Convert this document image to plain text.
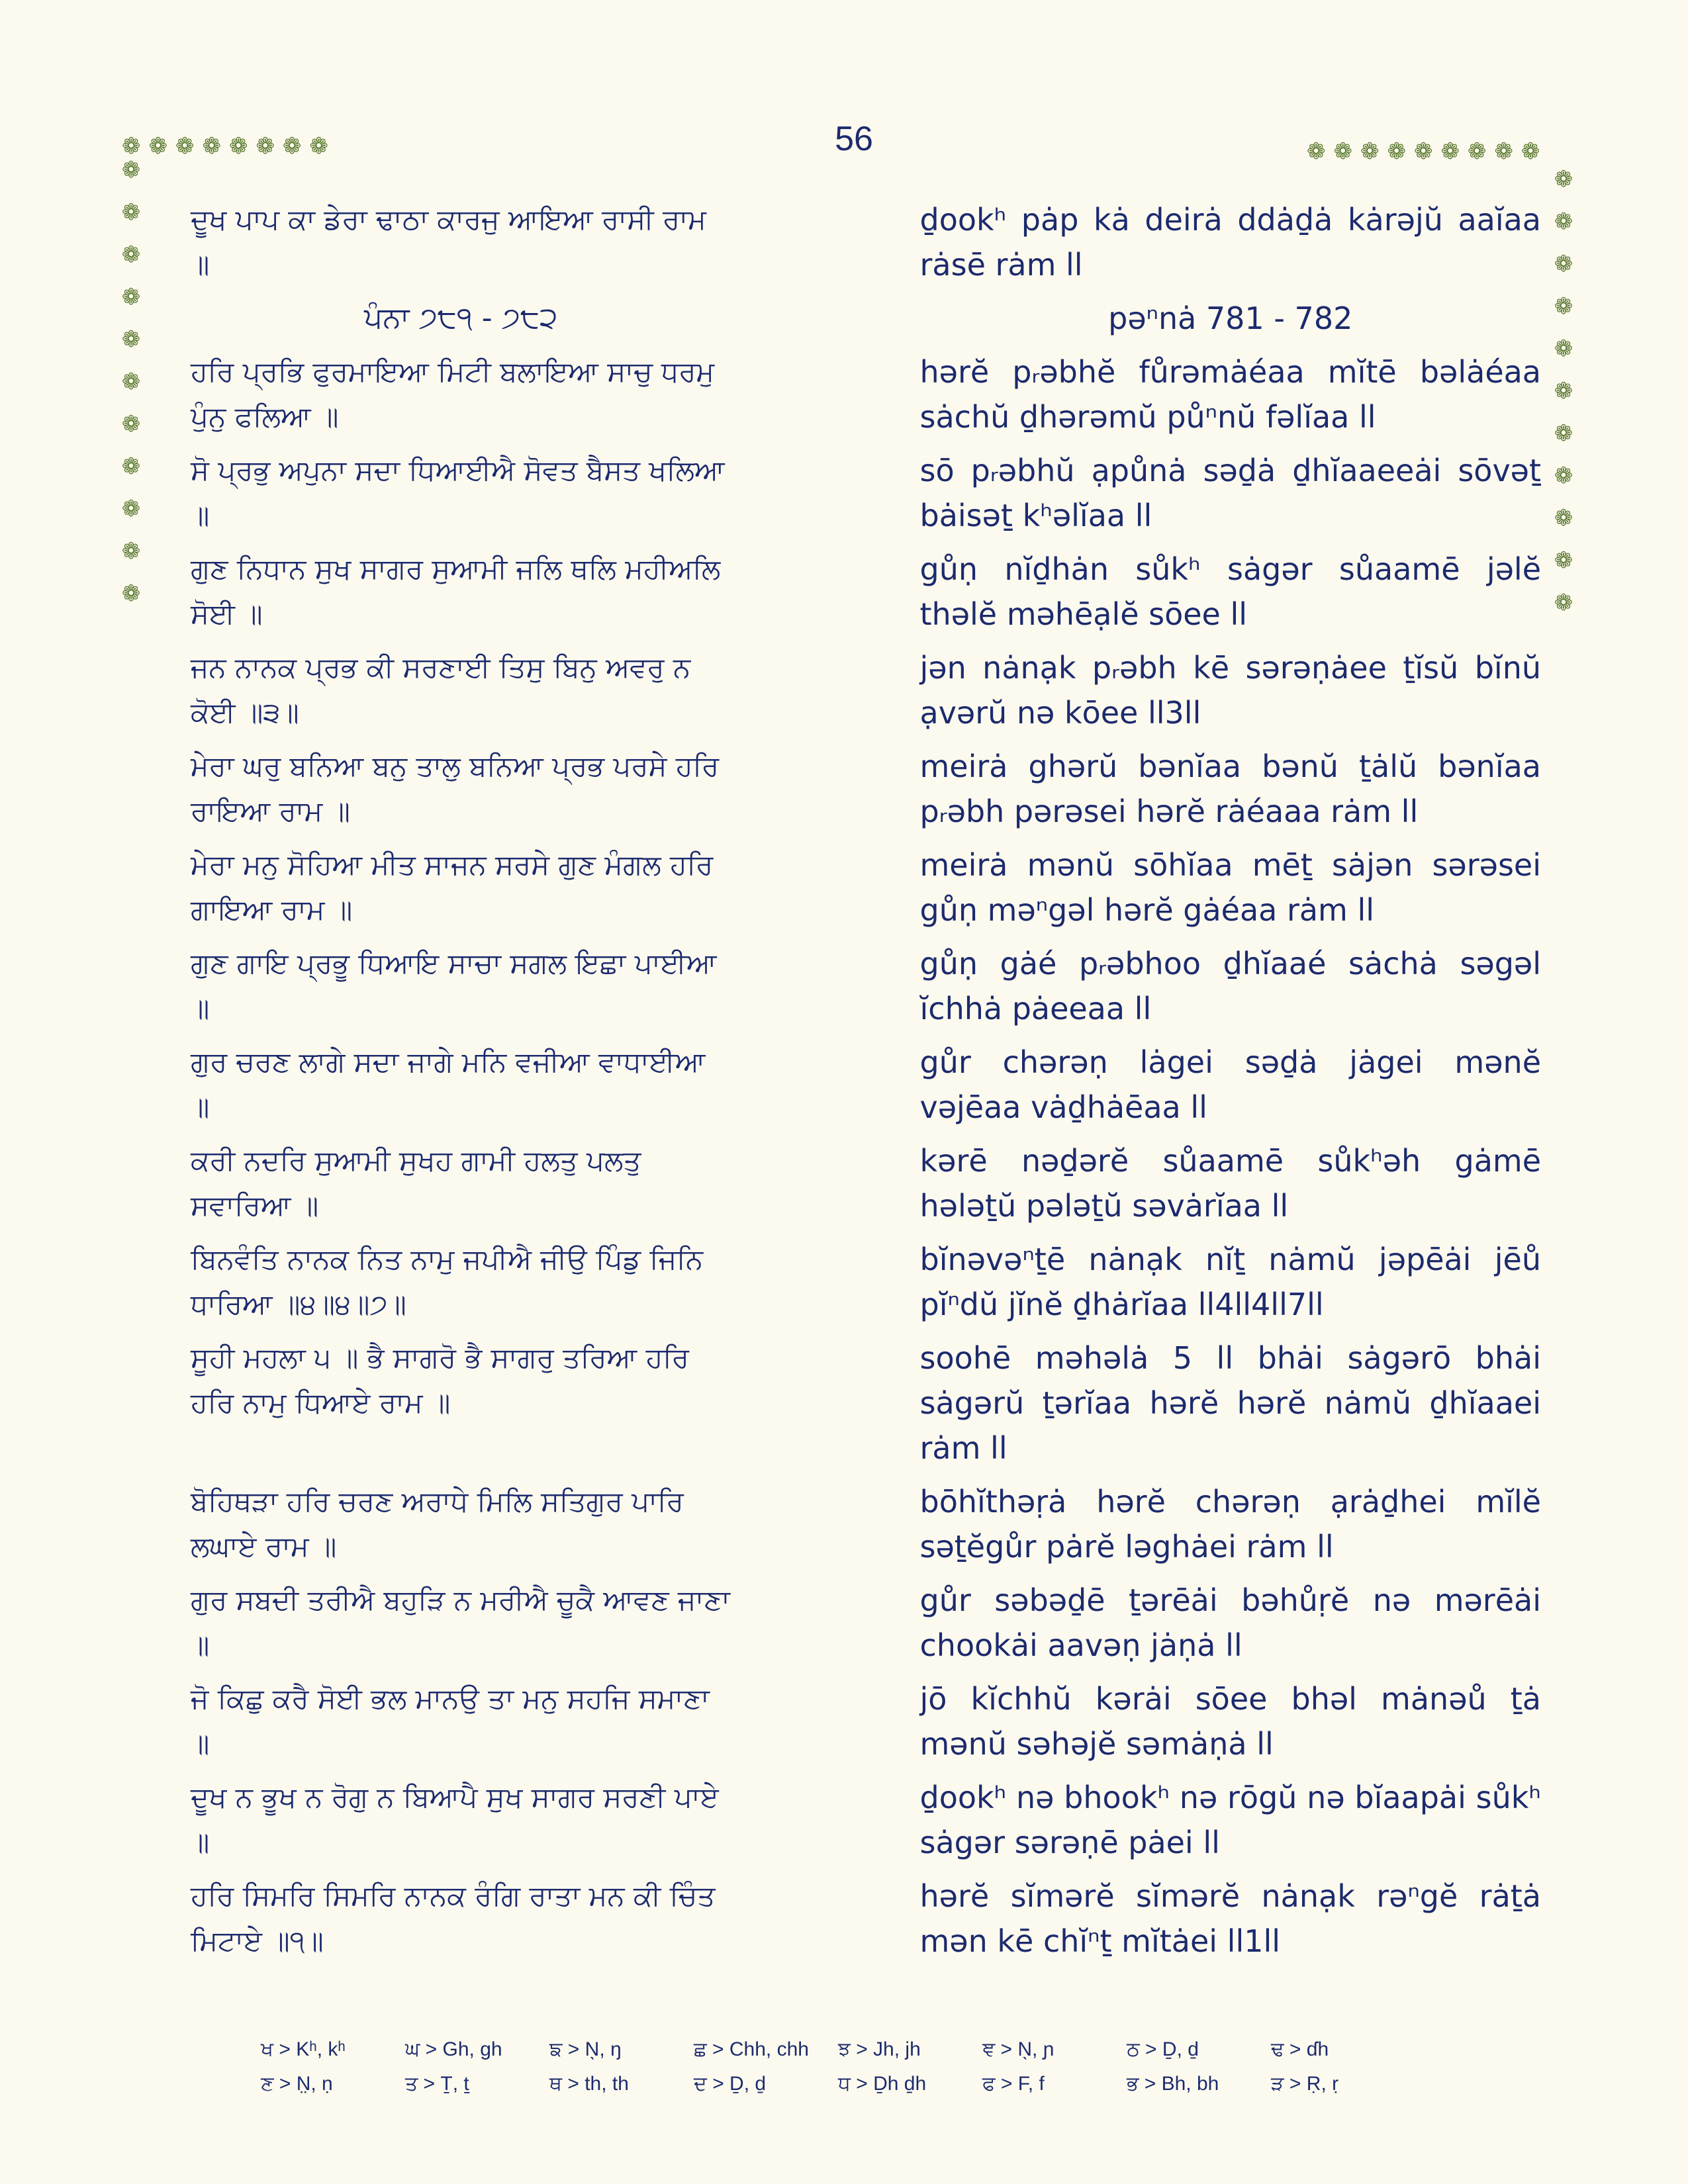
56
❁❁❁❁❁❁❁❁	❁❁❁❁❁❁❁❁❁
❁
❁
❁
❁
❁
❁
❁
❁
❁
❁
❁
❁
❁
❁
❁
❁
❁
❁
❁
❁
❁
❁
ਦੂਖ ਪਾਪ ਕਾ ਡੇਰਾ ਢਾਠਾ ਕਾਰਜੁ ਆਇਆ ਰਾਸੀ ਰਾਮ ॥
ḏookʰ pȧp kȧ deirȧ ddȧḏȧ kȧrəjŭ aaĭaa rȧsē rȧm ll
ਪੰਨਾ ੭੮੧ - ੭੮੨	pəⁿnȧ 781 - 782
ਹਰਿ ਪ੍ਰਭਿ ਫੁਰਮਾਇਆ ਮਿਟੀ ਬਲਾਇਆ ਸਾਚੁ ਧਰਮੁ ਪੁੰਨੁ ਫਲਿਆ ॥
hərĕ pᵣəbhĕ fůrəmȧéaa mĭtē bəlȧéaa sȧchŭ ḏhərəmŭ půⁿnŭ fəlĭaa ll
ਸੋ ਪ੍ਰਭੁ ਅਪੁਨਾ ਸਦਾ ਧਿਆਈਐ ਸੋਵਤ ਬੈਸਤ ਖਲਿਆ ॥
sō pᵣəbhŭ ạpůnȧ səḏȧ ḏhĭaaeeȧi sōvəṯ bȧisəṯ kʰəlĭaa ll
ਗੁਣ ਨਿਧਾਨ ਸੁਖ ਸਾਗਰ ਸੁਆਮੀ ਜਲਿ ਥਲਿ ਮਹੀਅਲਿ ਸੋਈ ॥
gůṇ nĭḏhȧn sůkʰ sȧgər sůaamē jəlĕ thəlĕ məhēạlĕ sōee ll
ਜਨ ਨਾਨਕ ਪ੍ਰਭ ਕੀ ਸਰਣਾਈ ਤਿਸੁ ਬਿਨੁ ਅਵਰੁ ਨ ਕੋਈ ॥੩॥
jən nȧnạk pᵣəbh kē sərəṇȧee ṯĭsŭ bĭnŭ ạvərŭ nə kōee ll3ll
ਮੇਰਾ ਘਰੁ ਬਨਿਆ ਬਨੁ ਤਾਲੁ ਬਨਿਆ ਪ੍ਰਭ ਪਰਸੇ ਹਰਿ ਰਾਇਆ ਰਾਮ ॥
meirȧ ghərŭ bənĭaa bənŭ ṯȧlŭ bənĭaa pᵣəbh pərəsei hərĕ rȧéaaa rȧm ll
ਮੇਰਾ ਮਨੁ ਸੋਹਿਆ ਮੀਤ ਸਾਜਨ ਸਰਸੇ ਗੁਣ ਮੰਗਲ ਹਰਿ ਗਾਇਆ ਰਾਮ ॥
meirȧ mənŭ sōhĭaa mēṯ sȧjən sərəsei gůṇ məⁿgəl hərĕ gȧéaa rȧm ll
ਗੁਣ ਗਾਇ ਪ੍ਰਭੂ ਧਿਆਇ ਸਾਚਾ ਸਗਲ ਇਛਾ ਪਾਈਆ ॥
gůṇ gȧé pᵣəbhoo ḏhĭaaé sȧchȧ səgəl ĭchhȧ pȧeeaa ll
ਗੁਰ ਚਰਣ ਲਾਗੇ ਸਦਾ ਜਾਗੇ ਮਨਿ ਵਜੀਆ ਵਾਧਾਈਆ ॥
gůr chərəṇ lȧgei səḏȧ jȧgei mənĕ vəjēaa vȧḏhȧēaa ll
ਕਰੀ ਨਦਰਿ ਸੁਆਮੀ ਸੁਖਹ ਗਾਮੀ ਹਲਤੁ ਪਲਤੁ ਸਵਾਰਿਆ ॥
kərē nəḏərĕ sůaamē sůkʰəh gȧmē hələṯŭ pələṯŭ səvȧrĭaa ll
ਬਿਨਵੰਤਿ ਨਾਨਕ ਨਿਤ ਨਾਮੁ ਜਪੀਐ ਜੀਉ ਪਿੰਡੁ ਜਿਨਿ ਧਾਰਿਆ ॥੪॥੪॥੭॥
bĭnəvəⁿṯē nȧnạk nĭṯ nȧmŭ jəpēȧi jēů pĭⁿdŭ jĭnĕ ḏhȧrĭaa ll4ll4ll7ll
ਸੂਹੀ ਮਹਲਾ ੫ ॥ ਭੈ ਸਾਗਰੋ ਭੈ ਸਾਗਰੁ ਤਰਿਆ ਹਰਿ ਹਰਿ ਨਾਮੁ ਧਿਆਏ ਰਾਮ ॥
soohē məhəlȧ 5 ll bhȧi sȧgərō bhȧi sȧgərŭ ṯərĭaa hərĕ hərĕ nȧmŭ ḏhĭaaei rȧm ll
ਬੋਹਿਥੜਾ ਹਰਿ ਚਰਣ ਅਰਾਧੇ ਮਿਲਿ ਸਤਿਗੁਰ ਪਾਰਿ ਲਘਾਏ ਰਾਮ ॥
bōhĭthəṛȧ hərĕ chərəṇ ạrȧḏhei mĭlĕ səṯĕgůr pȧrĕ ləghȧei rȧm ll
ਗੁਰ ਸਬਦੀ ਤਰੀਐ ਬਹੁੜਿ ਨ ਮਰੀਐ ਚੂਕੈ ਆਵਣ ਜਾਣਾ ॥
gůr səbəḏē ṯərēȧi bəhůṛĕ nə mərēȧi chookȧi aavəṇ jȧṇȧ ll
ਜੋ ਕਿਛੁ ਕਰੈ ਸੋਈ ਭਲ ਮਾਨਉ ਤਾ ਮਨੁ ਸਹਜਿ ਸਮਾਣਾ ॥
jō kĭchhŭ kərȧi sōee bhəl mȧnəů ṯȧ mənŭ səhəjĕ səmȧṇȧ ll
ਦੂਖ ਨ ਭੂਖ ਨ ਰੋਗੁ ਨ ਬਿਆਪੈ ਸੁਖ ਸਾਗਰ ਸਰਣੀ ਪਾਏ ॥
ḏookʰ nə bhookʰ nə rōgŭ nə bĭaapȧi sůkʰ sȧgər sərəṇē pȧei ll
ਹਰਿ ਸਿਮਰਿ ਸਿਮਰਿ ਨਾਨਕ ਰੰਗਿ ਰਾਤਾ ਮਨ ਕੀ ਚਿੰਤ ਮਿਟਾਏ ॥੧॥
hərĕ sĭmərĕ sĭmərĕ nȧnạk rəⁿgĕ rȧṯȧ mən kē chĭⁿṯ mĭtȧei ll1ll
ਖ > Kʰ, kʰ	ਘ > Gh, gh	ਙ > N̖, ŋ	ਛ > Chh, chh	ਝ > Jh, jh	ਞ > N̖, ɲ	ਠ > Ḏ, ḏ	ਢ > ɗh
ਣ > N̤, ṇ	ਤ > Ṯ, ṯ	ਥ > th, th	ਦ > Ḏ, ḏ	ਧ > Ḏh ḏh	ਫ > F, f	ਭ > Bh, bh	ੜ > Ṛ, ṛ
